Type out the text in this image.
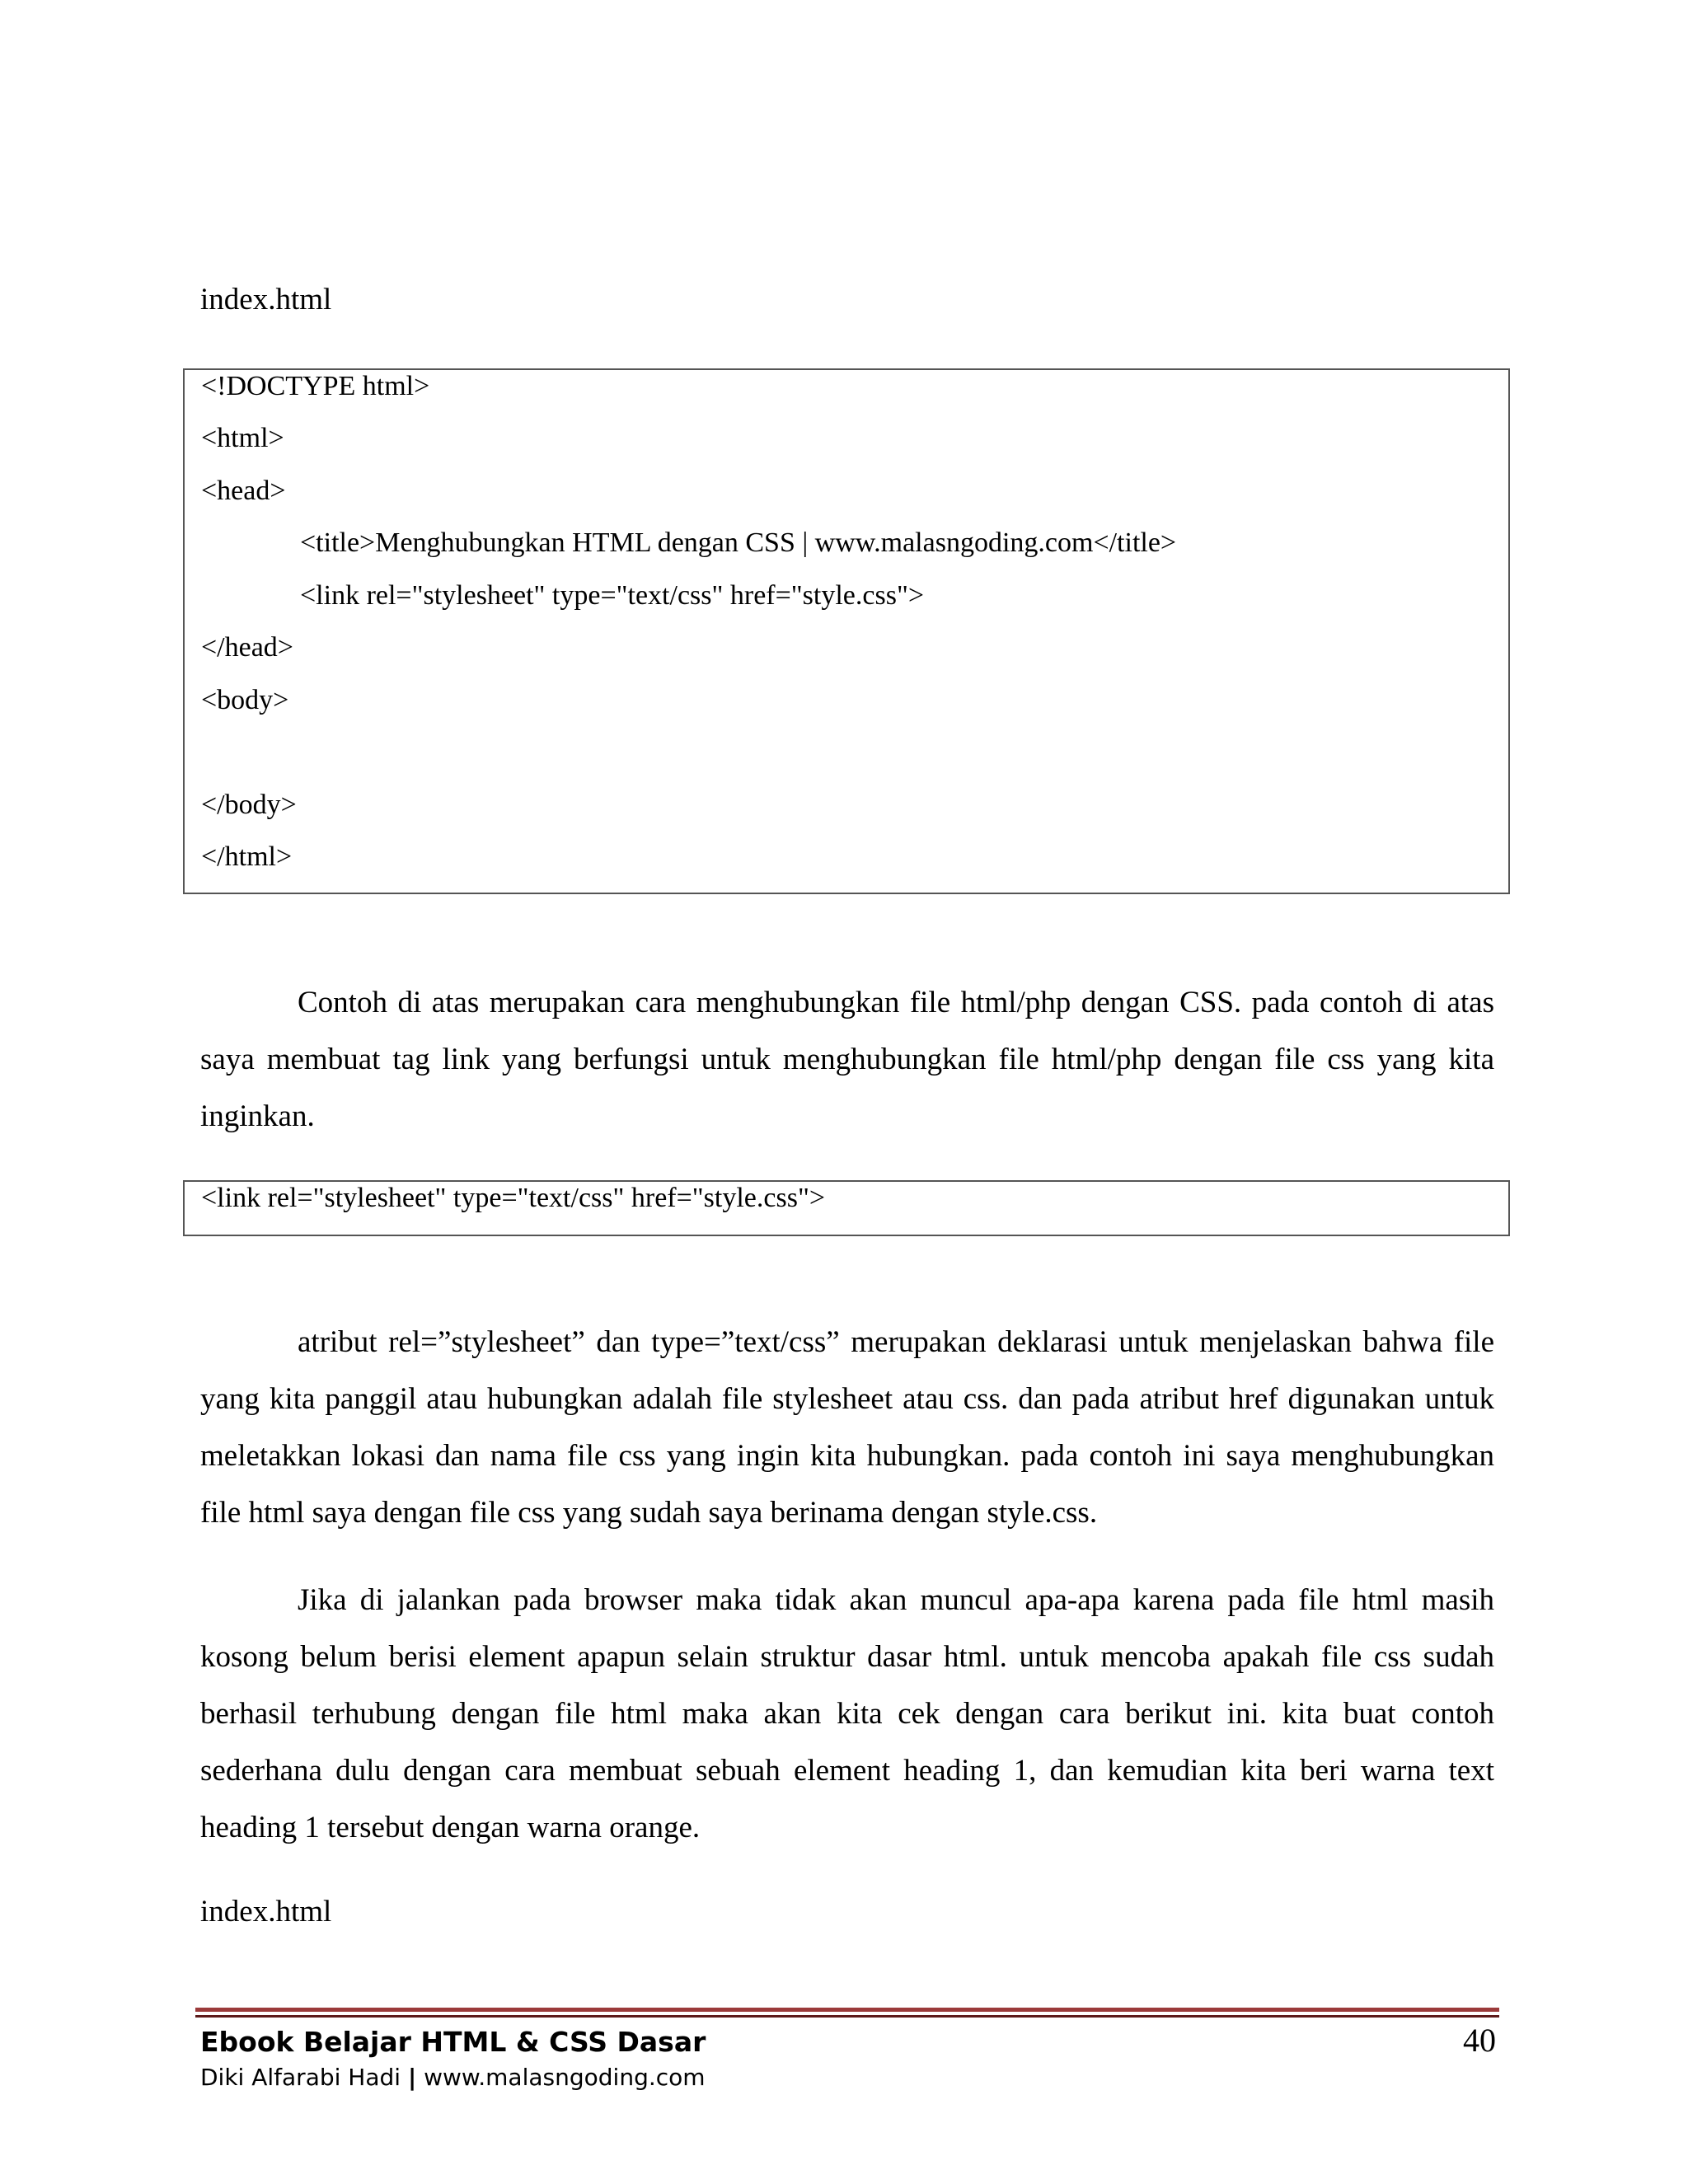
index.html
<!DOCTYPE html>
<html>
<head>
<title>Menghubungkan HTML dengan CSS | www.malasngoding.com</title>
<link rel="stylesheet" type="text/css" href="style.css">
</head>
<body>
</body>
</html>
Contoh di atas merupakan cara menghubungkan file html/php dengan CSS. pada contoh di atas saya membuat tag link yang berfungsi untuk menghubungkan file html/php dengan file css yang kita inginkan.
<link rel="stylesheet" type="text/css" href="style.css">
atribut rel=”stylesheet” dan type=”text/css” merupakan deklarasi untuk menjelaskan bahwa file yang kita panggil atau hubungkan adalah file stylesheet atau css. dan pada atribut href digunakan untuk meletakkan lokasi dan nama file css yang ingin kita hubungkan. pada contoh ini saya menghubungkan file html saya dengan file css yang sudah saya berinama dengan style.css.
Jika di jalankan pada browser maka tidak akan muncul apa-apa karena pada file html masih kosong belum berisi element apapun selain struktur dasar html. untuk mencoba apakah file css sudah berhasil terhubung dengan file html maka akan kita cek dengan cara berikut ini. kita buat contoh sederhana dulu dengan cara membuat sebuah element heading 1, dan kemudian kita beri warna text heading 1 tersebut dengan warna orange.
index.html
Ebook Belajar HTML & CSS Dasar
Diki Alfarabi Hadi | www.malasngoding.com
40
